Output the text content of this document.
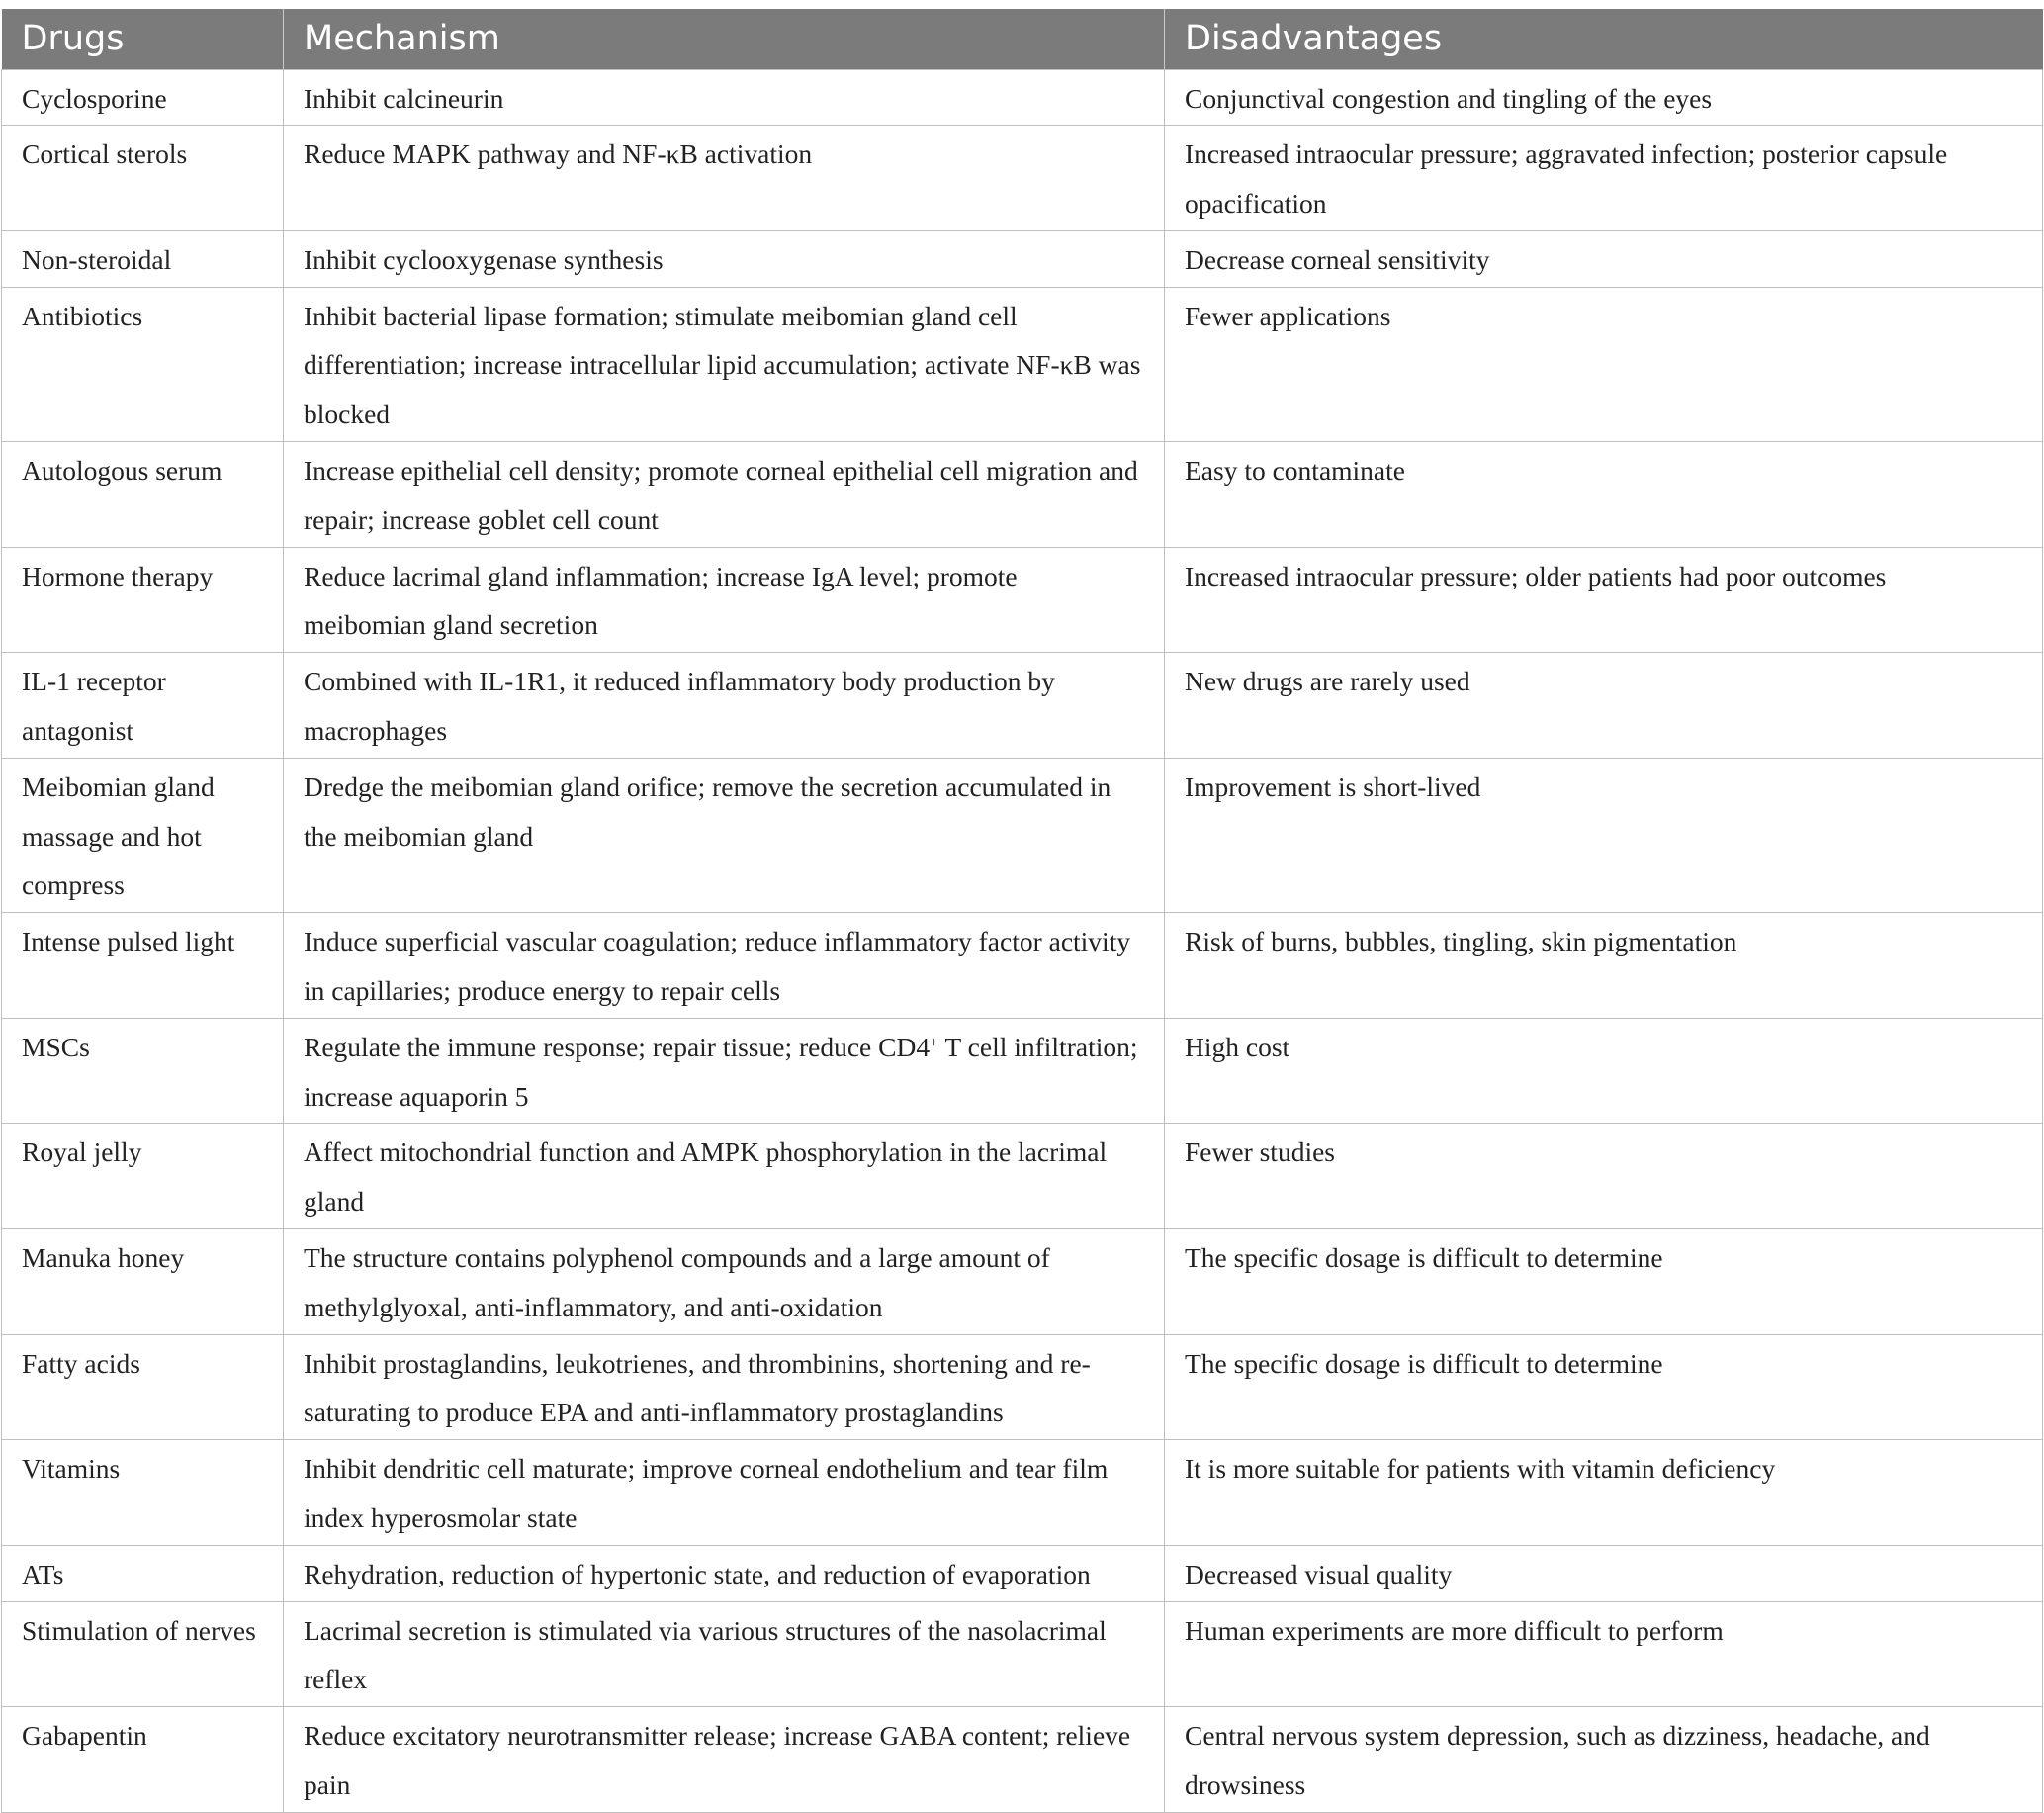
Drugs	Mechanism	Disadvantages
Cyclosporine	Inhibit calcineurin	Conjunctival congestion and tingling of the eyes
Cortical sterols	Reduce MAPK pathway and NF-κB activation	Increased intraocular pressure; aggravated infection; posterior capsule opacification
Non-steroidal	Inhibit cyclooxygenase synthesis	Decrease corneal sensitivity
Antibiotics	Inhibit bacterial lipase formation; stimulate meibomian gland cell differentiation; increase intracellular lipid accumulation; activate NF-κB was blocked	Fewer applications
Autologous serum	Increase epithelial cell density; promote corneal epithelial cell migration and repair; increase goblet cell count	Easy to contaminate
Hormone therapy	Reduce lacrimal gland inflammation; increase IgA level; promote meibomian gland secretion	Increased intraocular pressure; older patients had poor outcomes
IL-1 receptor antagonist	Combined with IL-1R1, it reduced inflammatory body production by macrophages	New drugs are rarely used
Meibomian gland massage and hot compress	Dredge the meibomian gland orifice; remove the secretion accumulated in the meibomian gland	Improvement is short-lived
Intense pulsed light	Induce superficial vascular coagulation; reduce inflammatory factor activity in capillaries; produce energy to repair cells	Risk of burns, bubbles, tingling, skin pigmentation
MSCs	Regulate the immune response; repair tissue; reduce CD4+ T cell infiltration; increase aquaporin 5	High cost
Royal jelly	Affect mitochondrial function and AMPK phosphorylation in the lacrimal gland	Fewer studies
Manuka honey	The structure contains polyphenol compounds and a large amount of methylglyoxal, anti-inflammatory, and anti-oxidation	The specific dosage is difficult to determine
Fatty acids	Inhibit prostaglandins, leukotrienes, and thrombinins, shortening and re-saturating to produce EPA and anti-inflammatory prostaglandins	The specific dosage is difficult to determine
Vitamins	Inhibit dendritic cell maturate; improve corneal endothelium and tear film index hyperosmolar state	It is more suitable for patients with vitamin deficiency
ATs	Rehydration, reduction of hypertonic state, and reduction of evaporation	Decreased visual quality
Stimulation of nerves	Lacrimal secretion is stimulated via various structures of the nasolacrimal reflex	Human experiments are more difficult to perform
Gabapentin	Reduce excitatory neurotransmitter release; increase GABA content; relieve pain	Central nervous system depression, such as dizziness, headache, and drowsiness
